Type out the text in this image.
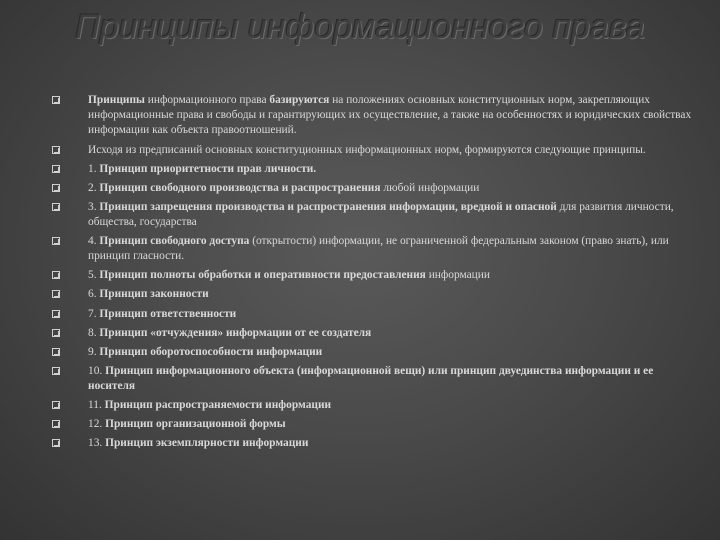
Принципы информационного права
Принципы информационного права базируются на положениях основных конституционных норм, закрепляющих информационные права и свободы и гарантирующих их осуществление, а также на особенностях и юридических свойствах информации как объекта правоотношений.
Исходя из предписаний основных конституционных информационных норм, формируются следующие принципы.
1. Принцип приоритетности прав личности.
2. Принцип свободного производства и распространения любой информации
3. Принцип запрещения производства и распространения информации, вредной и опасной для развития личности, общества, государства
4. Принцип свободного доступа (открытости) информации, не ограниченной федеральным законом (право знать), или принцип гласности.
5. Принцип полноты обработки и оперативности предоставления информации
6. Принцип законности
7. Принцип ответственности
8. Принцип «отчуждения» информации от ее создателя
9. Принцип оборотоспособности информации
10. Принцип информационного объекта (информационной вещи) или принцип двуединства информации и ее носителя
11. Принцип распространяемости информации
12. Принцип организационной формы
13. Принцип экземплярности информации
